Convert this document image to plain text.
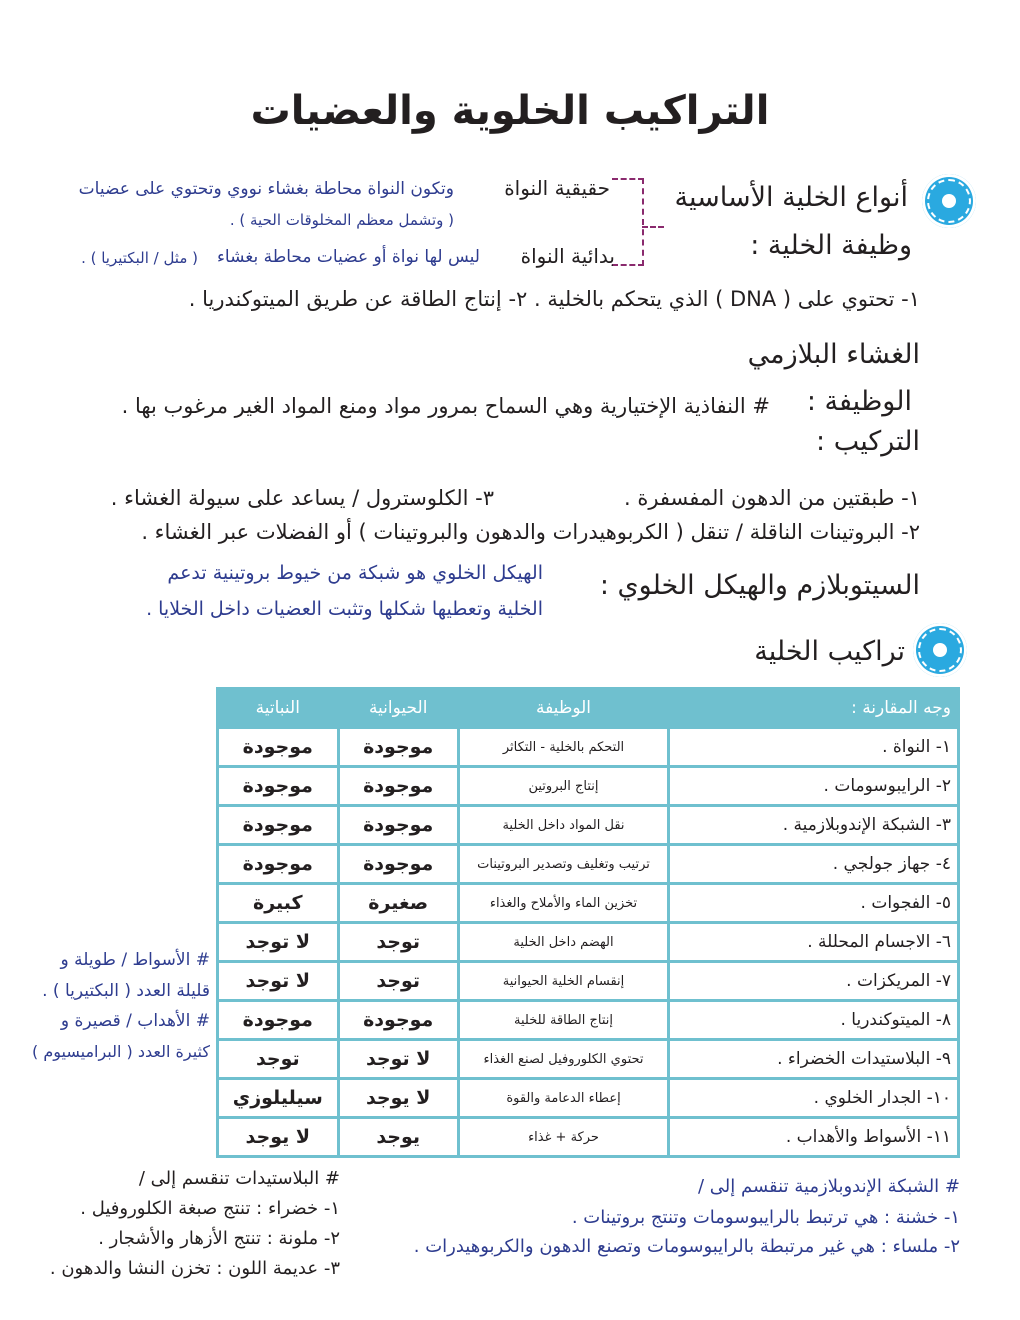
التراكيب الخلوية والعضيات
أنواع الخلية الأساسية
حقيقية النواة
وتكون النواة محاطة بغشاء نووي وتحتوي على عضيات
( وتشمل معظم المخلوقات الحية ) .
بدائية النواة
ليس لها نواة أو عضيات محاطة بغشاء
( مثل / البكتيريا ) .	وظيفة الخلية :
١- تحتوي على ( DNA ) الذي يتحكم بالخلية . ٢- إنتاج الطاقة عن طريق الميتوكندريا .
الغشاء البلازمي
الوظيفة :
# النفاذية الإختيارية وهي السماح بمرور مواد ومنع المواد الغير مرغوب بها .
التركيب :
١- طبقتين من الدهون المفسفرة .
٣- الكلوسترول / يساعد على سيولة الغشاء .
٢- البروتينات الناقلة / تنقل ( الكربوهيدرات والدهون والبروتينات ) أو الفضلات عبر الغشاء .
السيتوبلازم والهيكل الخلوي :
الهيكل الخلوي هو شبكة من خيوط بروتينية تدعم
الخلية وتعطيها شكلها وتثبت العضيات داخل الخلايا .
تراكيب الخلية
وجه المقارنة :	الوظيفة	الحيوانية	النباتية
١- النواة .	التحكم بالخلية - التكاثر	موجودة	موجودة
٢- الرايبوسومات .	إنتاج البروتين	موجودة	موجودة
٣- الشبكة الإندوبلازمية .	نقل المواد داخل الخلية	موجودة	موجودة
٤- جهاز جولجي .	ترتيب وتغليف وتصدير البروتينات	موجودة	موجودة
٥- الفجوات .	تخزين الماء والأملاح والغذاء	صغيرة	كبيرة
٦- الاجسام المحللة .	الهضم داخل الخلية	توجد	لا توجد
٧- المريكزات .	إنقسام الخلية الحيوانية	توجد	لا توجد
٨- الميتوكندريا .	إنتاج الطاقة للخلية	موجودة	موجودة
٩- البلاستيدات الخضراء .	تحتوي الكلوروفيل لصنع الغذاء	لا توجد	توجد
١٠- الجدار الخلوي .	إعطاء الدعامة والقوة	لا يوجد	سيليلوزي
١١- الأسواط والأهداب .	حركة + غذاء	يوجد	لا يوجد
# الأسواط / طويلة و
قليلة العدد ( البكتيريا ) .
# الأهداب / قصيرة و
كثيرة العدد ( البراميسيوم )
# البلاستيدات تنقسم إلى /
١- خضراء : تنتج صبغة الكلوروفيل .
٢- ملونة : تنتج الأزهار والأشجار .
٣- عديمة اللون : تخزن النشا والدهون .
# الشبكة الإندوبلازمية تنقسم إلى /
١- خشنة : هي ترتبط بالرايبوسومات وتنتج بروتينات .
٢- ملساء : هي غير مرتبطة بالرايبوسومات وتصنع الدهون والكربوهيدرات .
